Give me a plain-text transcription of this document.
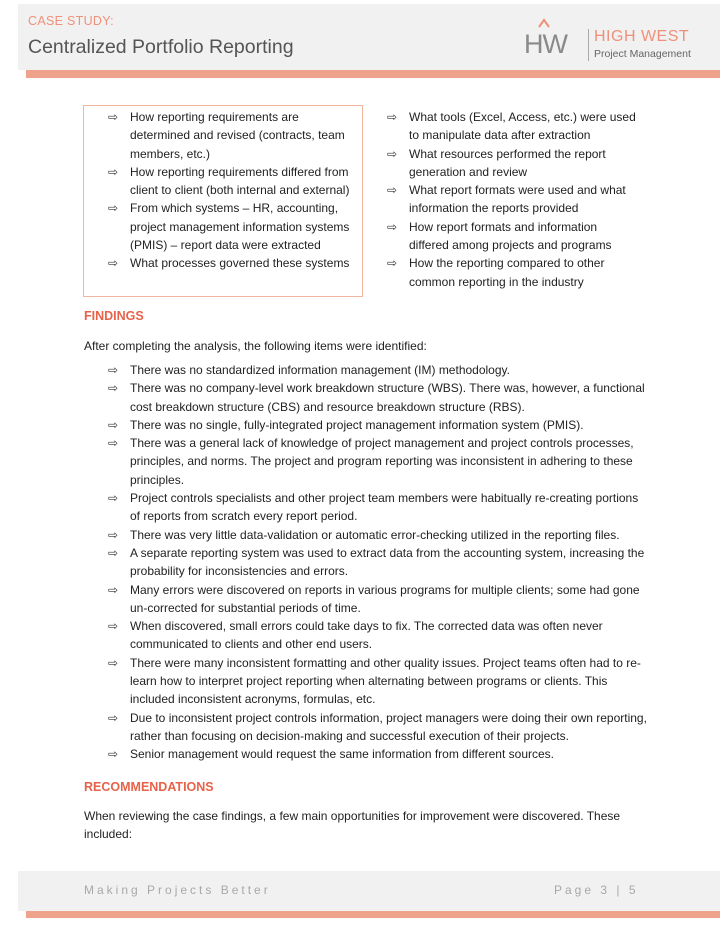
CASE STUDY:
Centralized Portfolio Reporting	HW HIGH WEST
Project Management
⇨ How reporting requirements are determined and revised (contracts, team members, etc.)
⇨ How reporting requirements differed from client to client (both internal and external)
⇨ From which systems – HR, accounting, project management information systems (PMIS) – report data were extracted
⇨ What processes governed these systems
⇨ What tools (Excel, Access, etc.) were used to manipulate data after extraction
⇨ What resources performed the report generation and review
⇨ What report formats were used and what information the reports provided
⇨ How report formats and information differed among projects and programs
⇨ How the reporting compared to other common reporting in the industry
FINDINGS
After completing the analysis, the following items were identified:
⇨ There was no standardized information management (IM) methodology.
⇨ There was no company-level work breakdown structure (WBS). There was, however, a functional cost breakdown structure (CBS) and resource breakdown structure (RBS).
⇨ There was no single, fully-integrated project management information system (PMIS).
⇨ There was a general lack of knowledge of project management and project controls processes, principles, and norms. The project and program reporting was inconsistent in adhering to these principles.
⇨ Project controls specialists and other project team members were habitually re-creating portions of reports from scratch every report period.
⇨ There was very little data-validation or automatic error-checking utilized in the reporting files.
⇨ A separate reporting system was used to extract data from the accounting system, increasing the probability for inconsistencies and errors.
⇨ Many errors were discovered on reports in various programs for multiple clients; some had gone un-corrected for substantial periods of time.
⇨ When discovered, small errors could take days to fix. The corrected data was often never communicated to clients and other end users.
⇨ There were many inconsistent formatting and other quality issues. Project teams often had to re-learn how to interpret project reporting when alternating between programs or clients. This included inconsistent acronyms, formulas, etc.
⇨ Due to inconsistent project controls information, project managers were doing their own reporting, rather than focusing on decision-making and successful execution of their projects.
⇨ Senior management would request the same information from different sources.
RECOMMENDATIONS
When reviewing the case findings, a few main opportunities for improvement were discovered. These included:
Making Projects Better	Page 3 | 5
